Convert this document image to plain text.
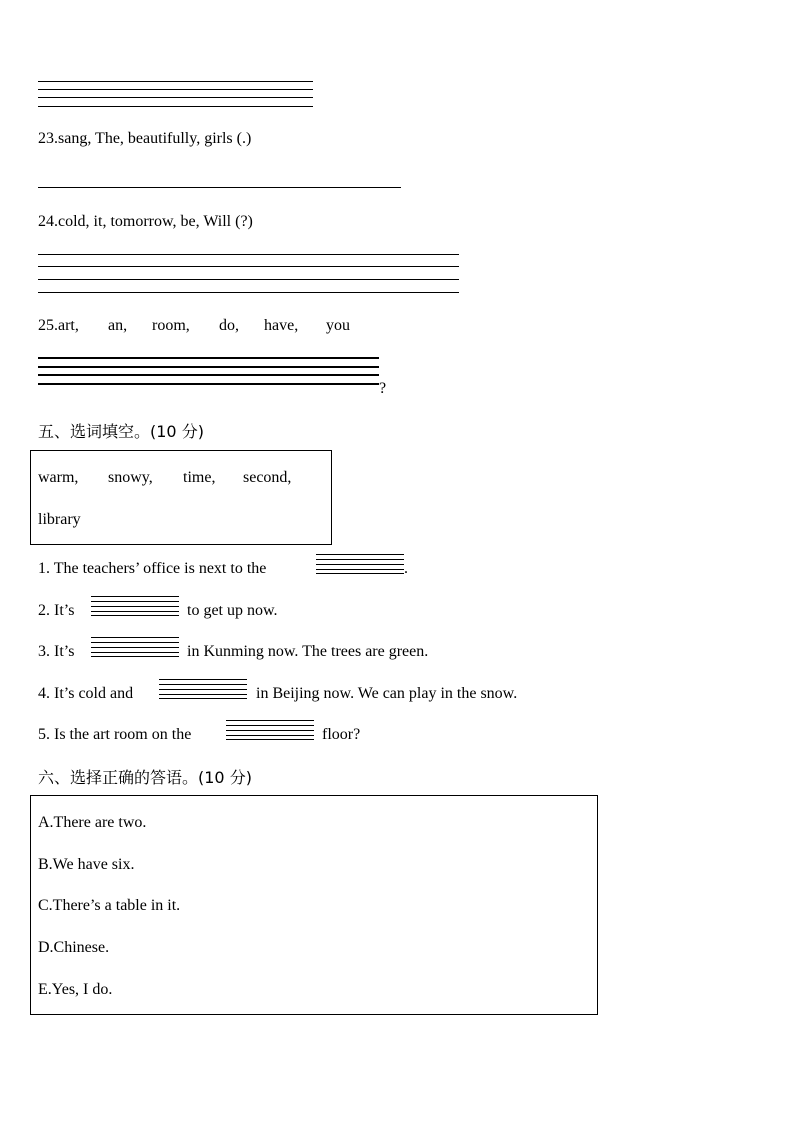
23.sang, The, beautifully, girls (.)
24.cold, it, tomorrow, be, Will (?)
25.art, an, room, do, have, you
?
五、选词填空。(10 分)
warm, snowy, time, second,
library
1. The teachers’ office is next to the	.
2. It’s	to get up now.
3. It’s	in Kunming now. The trees are green.
4. It’s cold and	in Beijing now. We can play in the snow.
5. Is the art room on the	floor?
六、选择正确的答语。(10 分)
A.There are two.
B.We have six.
C.There’s a table in it.
D.Chinese.
E.Yes, I do.
